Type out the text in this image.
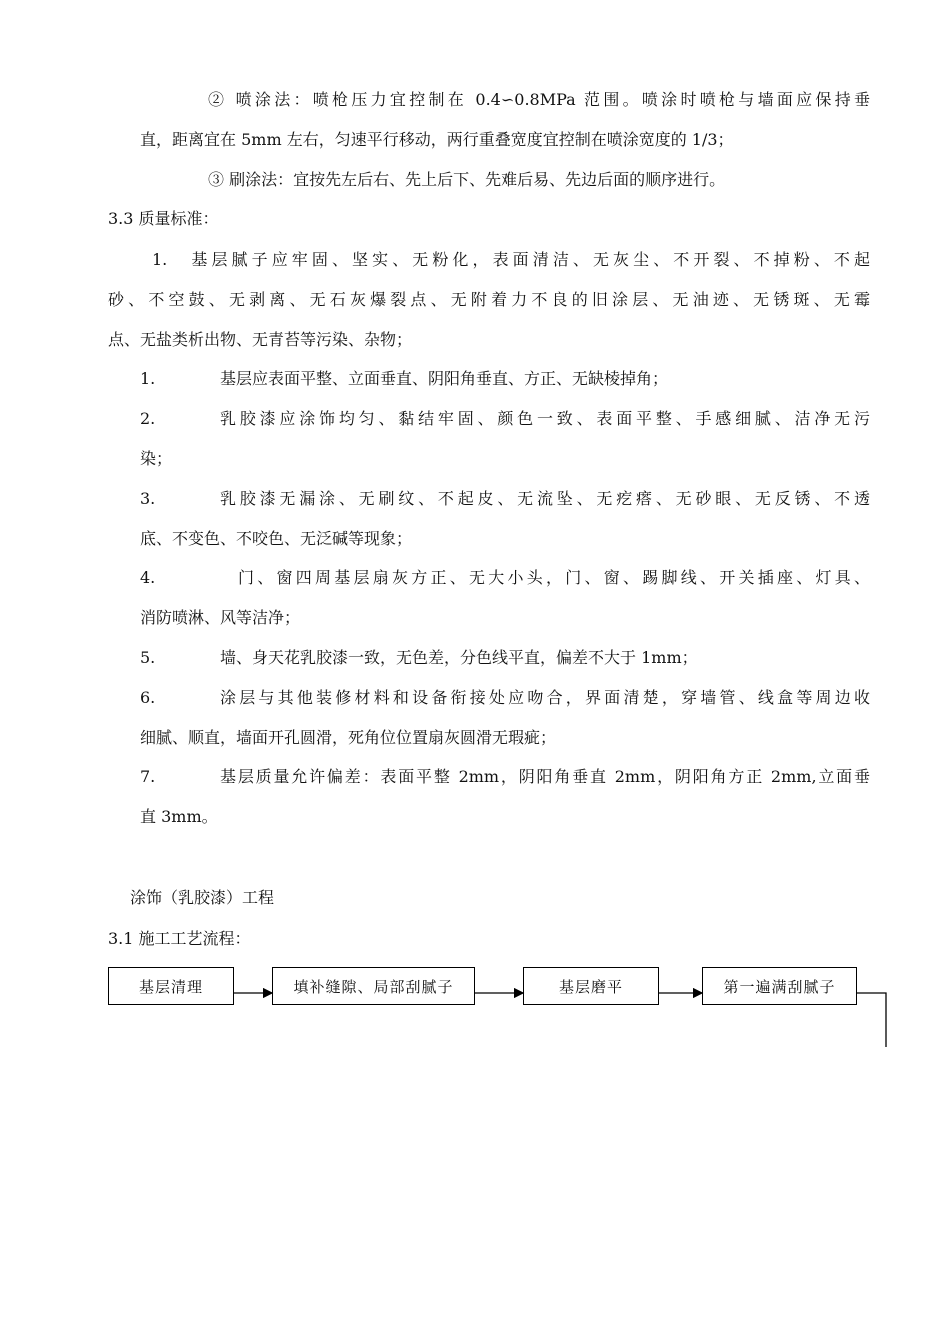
② 喷涂法：喷枪压力宜控制在 0.4∽0.8MPa 范围。喷涂时喷枪与墙面应保持垂
直，距离宜在 5mm 左右，匀速平行移动，两行重叠宽度宜控制在喷涂宽度的 1/3；
③ 刷涂法：宜按先左后右、先上后下、先难后易、先边后面的顺序进行。
3.3 质量标准：
1.　基层腻子应牢固、坚实、无粉化，表面清洁、无灰尘、不开裂、不掉粉、不起
砂、不空鼓、无剥离、无石灰爆裂点、无附着力不良的旧涂层、无油迹、无锈斑、无霉
点、无盐类析出物、无青苔等污染、杂物；
1.	基层应表面平整、立面垂直、阴阳角垂直、方正、无缺棱掉角；
2.	乳胶漆应涂饰均匀、黏结牢固、颜色一致、表面平整、手感细腻、洁净无污
染；
3.	乳胶漆无漏涂、无刷纹、不起皮、无流坠、无疙瘩、无砂眼、无反锈、不透
底、不变色、不咬色、无泛碱等现象；
4.	门、窗四周基层扇灰方正、无大小头，门、窗、踢脚线、开关插座、灯具、
消防喷淋、风等洁净；
5.	墙、身天花乳胶漆一致，无色差，分色线平直，偏差不大于 1mm；
6.	涂层与其他装修材料和设备衔接处应吻合，界面清楚，穿墙管、线盒等周边收
细腻、顺直，墙面开孔圆滑，死角位位置扇灰圆滑无瑕疵；
7.	基层质量允许偏差：表面平整 2mm，阴阳角垂直 2mm，阴阳角方正 2mm,立面垂
直 3mm。
涂饰（乳胶漆）工程
3.1 施工工艺流程：
基层清理	填补缝隙、局部刮腻子	基层磨平	第一遍满刮腻子
